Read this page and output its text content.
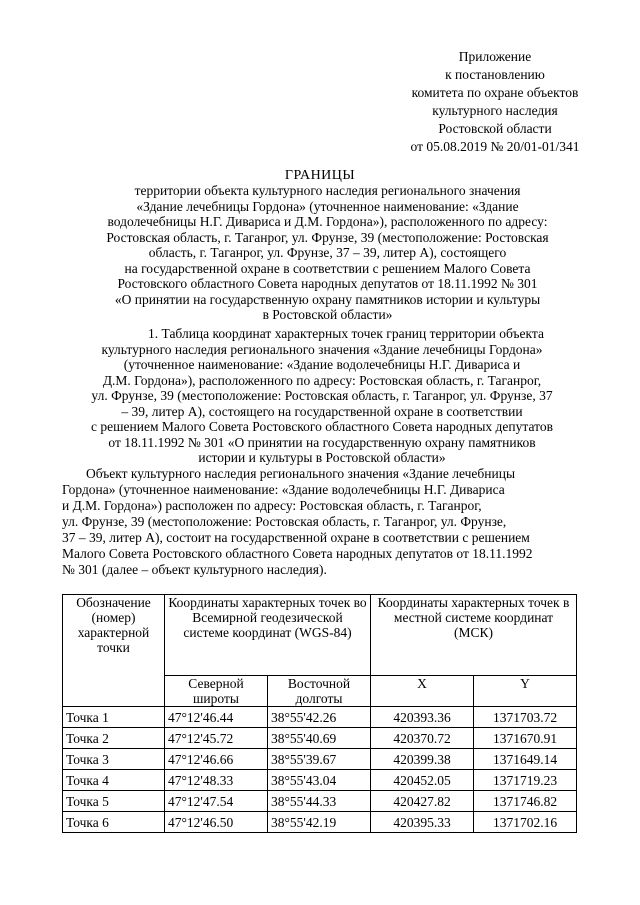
Приложение
к постановлению
комитета по охране объектов
культурного наследия
Ростовской области
от 05.08.2019 № 20/01-01/341
ГРАНИЦЫ
территории объекта культурного наследия регионального значения
«Здание лечебницы Гордона» (уточненное наименование: «Здание
водолечебницы Н.Г. Дивариса и Д.М. Гордона»), расположенного по адресу:
Ростовская область, г. Таганрог, ул. Фрунзе, 39 (местоположение: Ростовская
область, г. Таганрог, ул. Фрунзе, 37 – 39, литер А), состоящего
на государственной охране в соответствии с решением Малого Совета
Ростовского областного Совета народных депутатов от 18.11.1992 № 301
«О принятии на государственную охрану памятников истории и культуры
в Ростовской области»
1. Таблица координат характерных точек границ территории объекта
культурного наследия регионального значения «Здание лечебницы Гордона»
(уточненное наименование: «Здание водолечебницы Н.Г. Дивариса и
Д.М. Гордона»), расположенного по адресу: Ростовская область, г. Таганрог,
ул. Фрунзе, 39 (местоположение: Ростовская область, г. Таганрог, ул. Фрунзе, 37
– 39, литер А), состоящего на государственной охране в соответствии
с решением Малого Совета Ростовского областного Совета народных депутатов
от 18.11.1992 № 301 «О принятии на государственную охрану памятников
истории и культуры в Ростовской области»
Объект культурного наследия регионального значения «Здание лечебницы
Гордона» (уточненное наименование: «Здание водолечебницы Н.Г. Дивариса
и Д.М. Гордона») расположен по адресу: Ростовская область, г. Таганрог,
ул. Фрунзе, 39 (местоположение: Ростовская область, г. Таганрог, ул. Фрунзе,
37 – 39, литер А), состоит на государственной охране в соответствии с решением
Малого Совета Ростовского областного Совета народных депутатов от 18.11.1992
№ 301 (далее – объект культурного наследия).
Обозначение (номер) характерной точки	Координаты характерных точек во Всемирной геодезической системе координат (WGS-84)		Координаты характерных точек в местной системе координат (МСК)	
	Северной широты	Восточной долготы	X	Y
Точка 1	47°12'46.44	38°55'42.26	420393.36	1371703.72
Точка 2	47°12'45.72	38°55'40.69	420370.72	1371670.91
Точка 3	47°12'46.66	38°55'39.67	420399.38	1371649.14
Точка 4	47°12'48.33	38°55'43.04	420452.05	1371719.23
Точка 5	47°12'47.54	38°55'44.33	420427.82	1371746.82
Точка 6	47°12'46.50	38°55'42.19	420395.33	1371702.16
